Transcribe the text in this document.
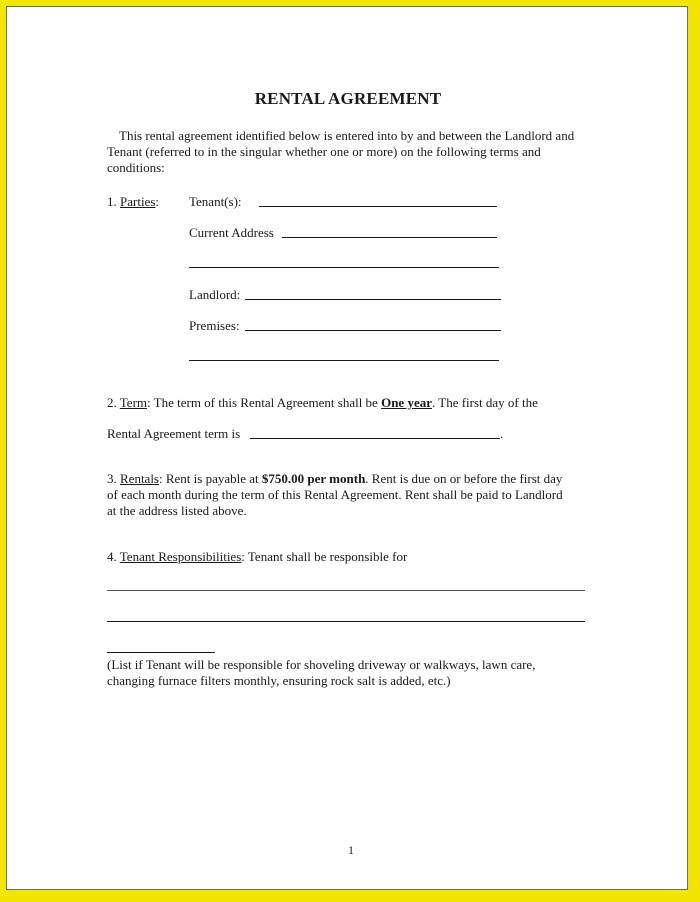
RENTAL AGREEMENT
This rental agreement identified below is entered into by and between the Landlord and
Tenant (referred to in the singular whether one or more) on the following terms and
conditions:
1. Parties: Tenant(s):
Current Address
Landlord:
Premises:
2. Term: The term of this Rental Agreement shall be One year. The first day of the
Rental Agreement term is	.
3. Rentals: Rent is payable at $750.00 per month. Rent is due on or before the first day
of each month during the term of this Rental Agreement. Rent shall be paid to Landlord
at the address listed above.
4. Tenant Responsibilities: Tenant shall be responsible for
(List if Tenant will be responsible for shoveling driveway or walkways, lawn care,
changing furnace filters monthly, ensuring rock salt is added, etc.)
1
